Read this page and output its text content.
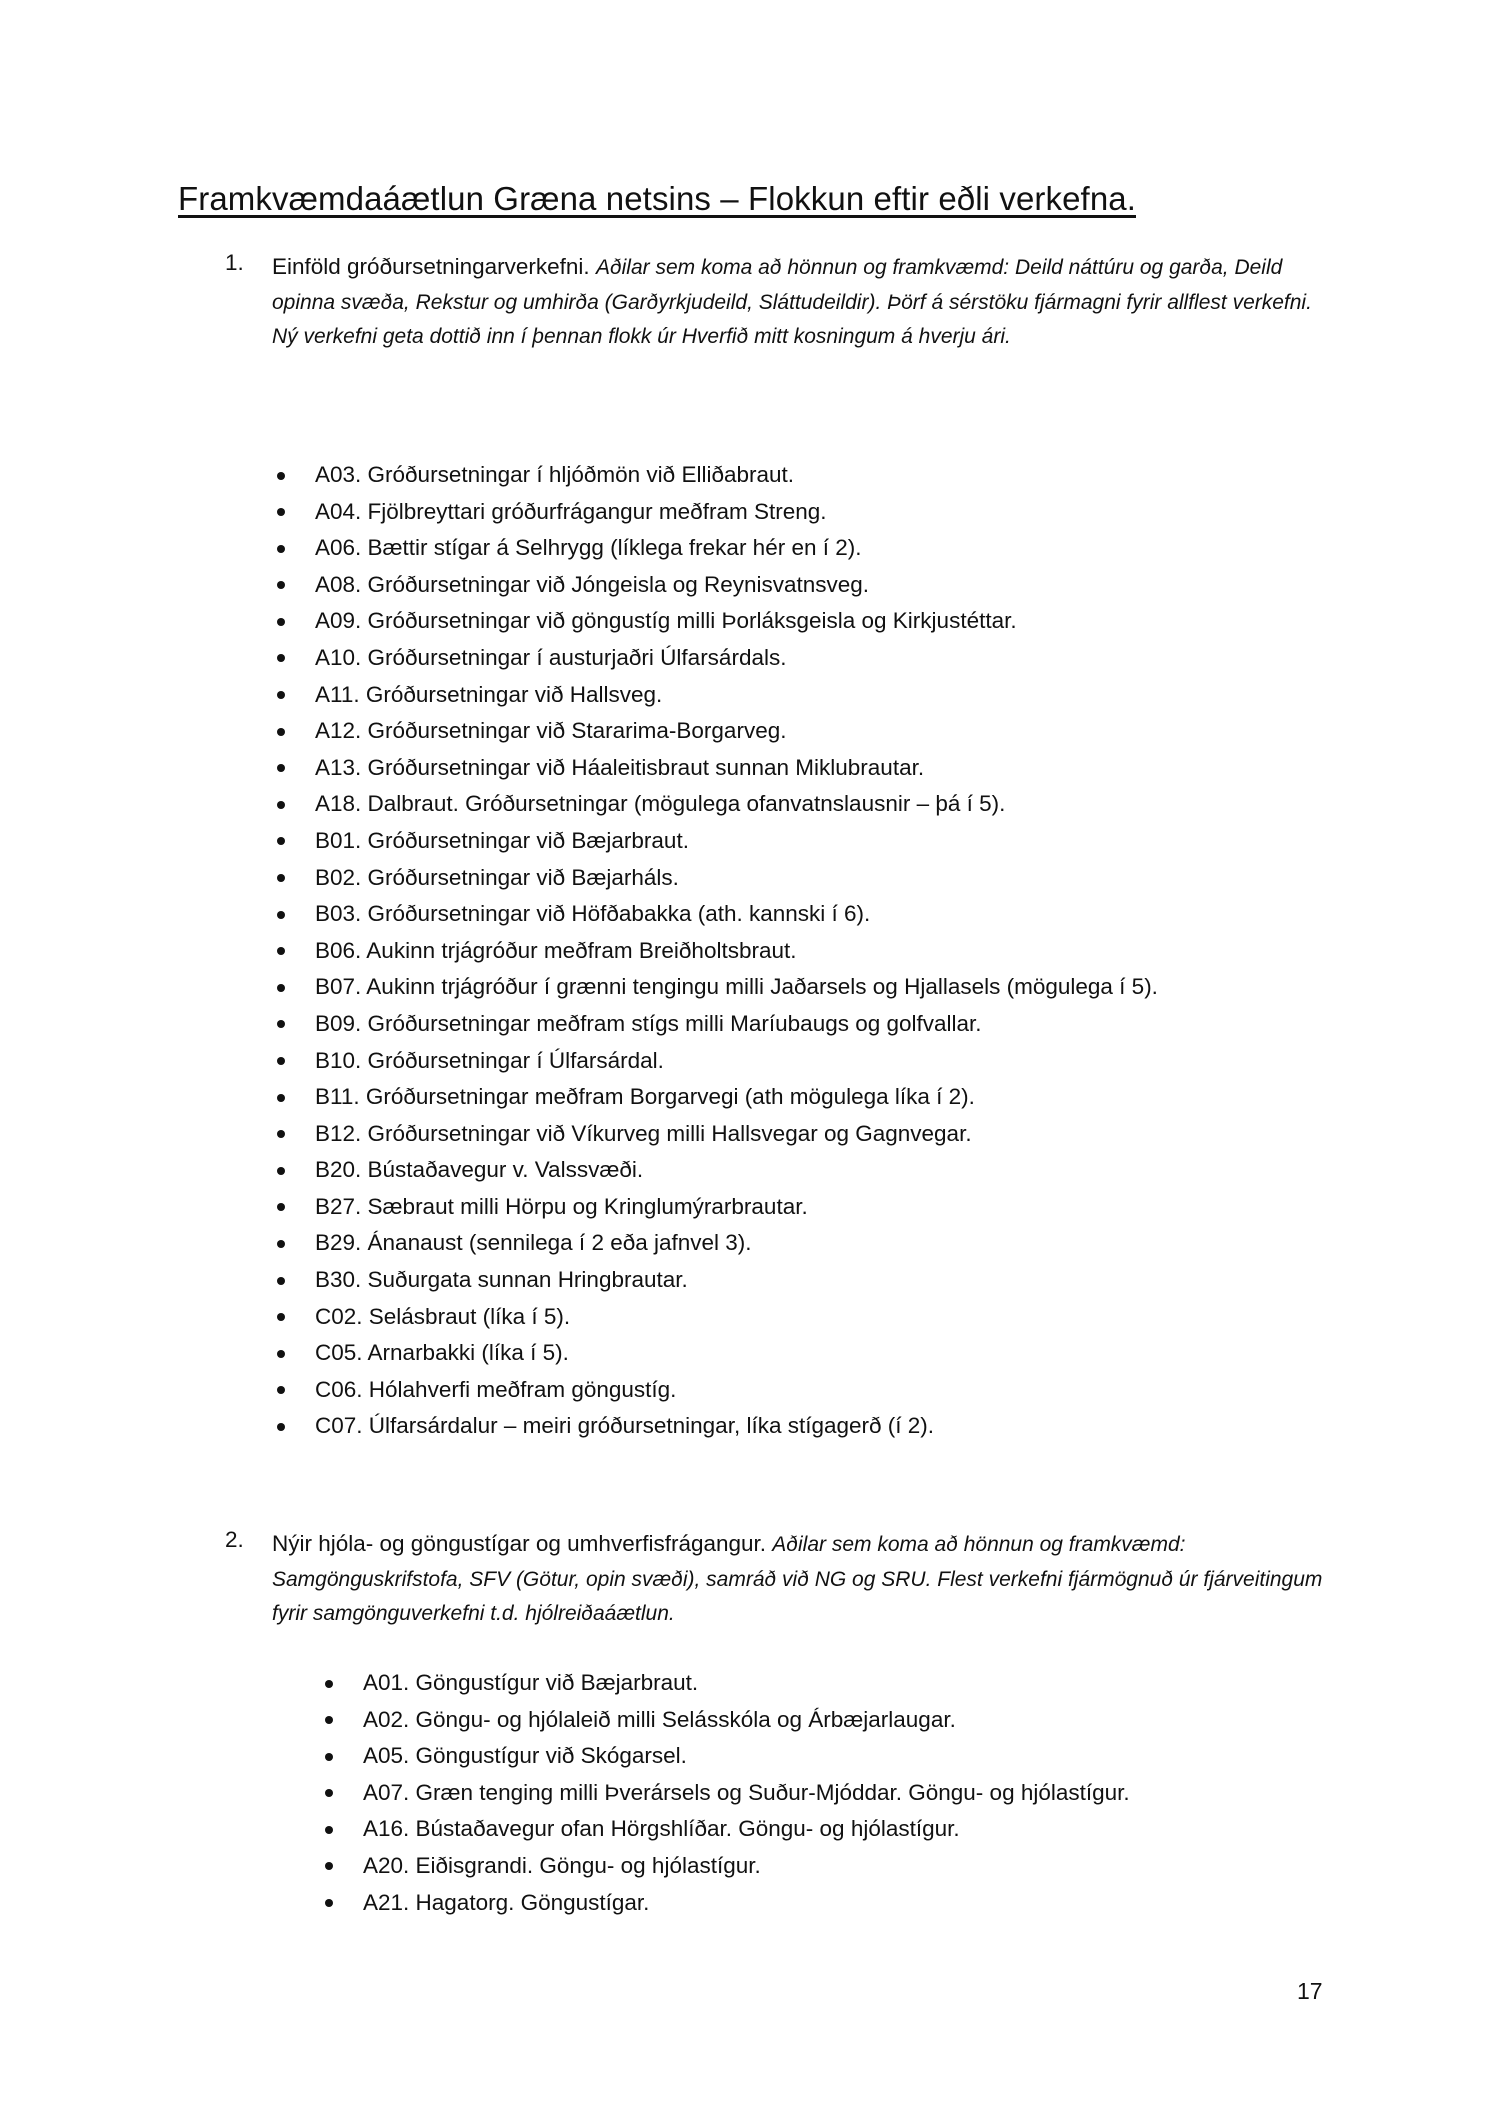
Framkvæmdaáætlun Græna netsins – Flokkun eftir eðli verkefna.
1. Einföld gróðursetningarverkefni. Aðilar sem koma að hönnun og framkvæmd: Deild náttúru og garða, Deild opinna svæða, Rekstur og umhirða (Garðyrkjudeild, Sláttudeildir). Þörf á sérstöku fjármagni fyrir allflest verkefni. Ný verkefni geta dottið inn í þennan flokk úr Hverfið mitt kosningum á hverju ári.
A03. Gróðursetningar í hljóðmön við Elliðabraut.
A04. Fjölbreyttari gróðurfrágangur meðfram Streng.
A06. Bættir stígar á Selhrygg (líklega frekar hér en í 2).
A08. Gróðursetningar við Jóngeisla og Reynisvatnsveg.
A09. Gróðursetningar við göngustíg milli Þorláksgeisla og Kirkjustéttar.
A10. Gróðursetningar í austurjaðri Úlfarsárdals.
A11. Gróðursetningar við Hallsveg.
A12. Gróðursetningar við Stararima-Borgarveg.
A13. Gróðursetningar við Háaleitisbraut sunnan Miklubrautar.
A18. Dalbraut. Gróðursetningar (mögulega ofanvatnslausnir – þá í 5).
B01. Gróðursetningar við Bæjarbraut.
B02. Gróðursetningar við Bæjarháls.
B03. Gróðursetningar við Höfðabakka (ath. kannski í 6).
B06. Aukinn trjágróður meðfram Breiðholtsbraut.
B07. Aukinn trjágróður í grænni tengingu milli Jaðarsels og Hjallasels (mögulega í 5).
B09. Gróðursetningar meðfram stígs milli Maríubaugs og golfvallar.
B10. Gróðursetningar í Úlfarsárdal.
B11. Gróðursetningar meðfram Borgarvegi (ath mögulega líka í 2).
B12. Gróðursetningar við Víkurveg milli Hallsvegar og Gagnvegar.
B20. Bústaðavegur v. Valssvæði.
B27. Sæbraut milli Hörpu og Kringlumýrarbrautar.
B29. Ánanaust (sennilega í 2 eða jafnvel 3).
B30. Suðurgata sunnan Hringbrautar.
C02. Selásbraut (líka í 5).
C05. Arnarbakki (líka í 5).
C06. Hólahverfi meðfram göngustíg.
C07. Úlfarsárdalur – meiri gróðursetningar, líka stígagerð (í 2).
2. Nýir hjóla- og göngustígar og umhverfisfrágangur. Aðilar sem koma að hönnun og framkvæmd: Samgönguskrifstofa, SFV (Götur, opin svæði), samráð við NG og SRU. Flest verkefni fjármögnuð úr fjárveitingum fyrir samgönguverkefni t.d. hjólreiðaáætlun.
A01. Göngustígur við Bæjarbraut.
A02. Göngu- og hjólaleið milli Selásskóla og Árbæjarlaugar.
A05. Göngustígur við Skógarsel.
A07. Græn tenging milli Þverársels og Suður-Mjóddar. Göngu- og hjólastígur.
A16. Bústaðavegur ofan Hörgshlíðar. Göngu- og hjólastígur.
A20. Eiðisgrandi. Göngu- og hjólastígur.
A21. Hagatorg. Göngustígar.
17
